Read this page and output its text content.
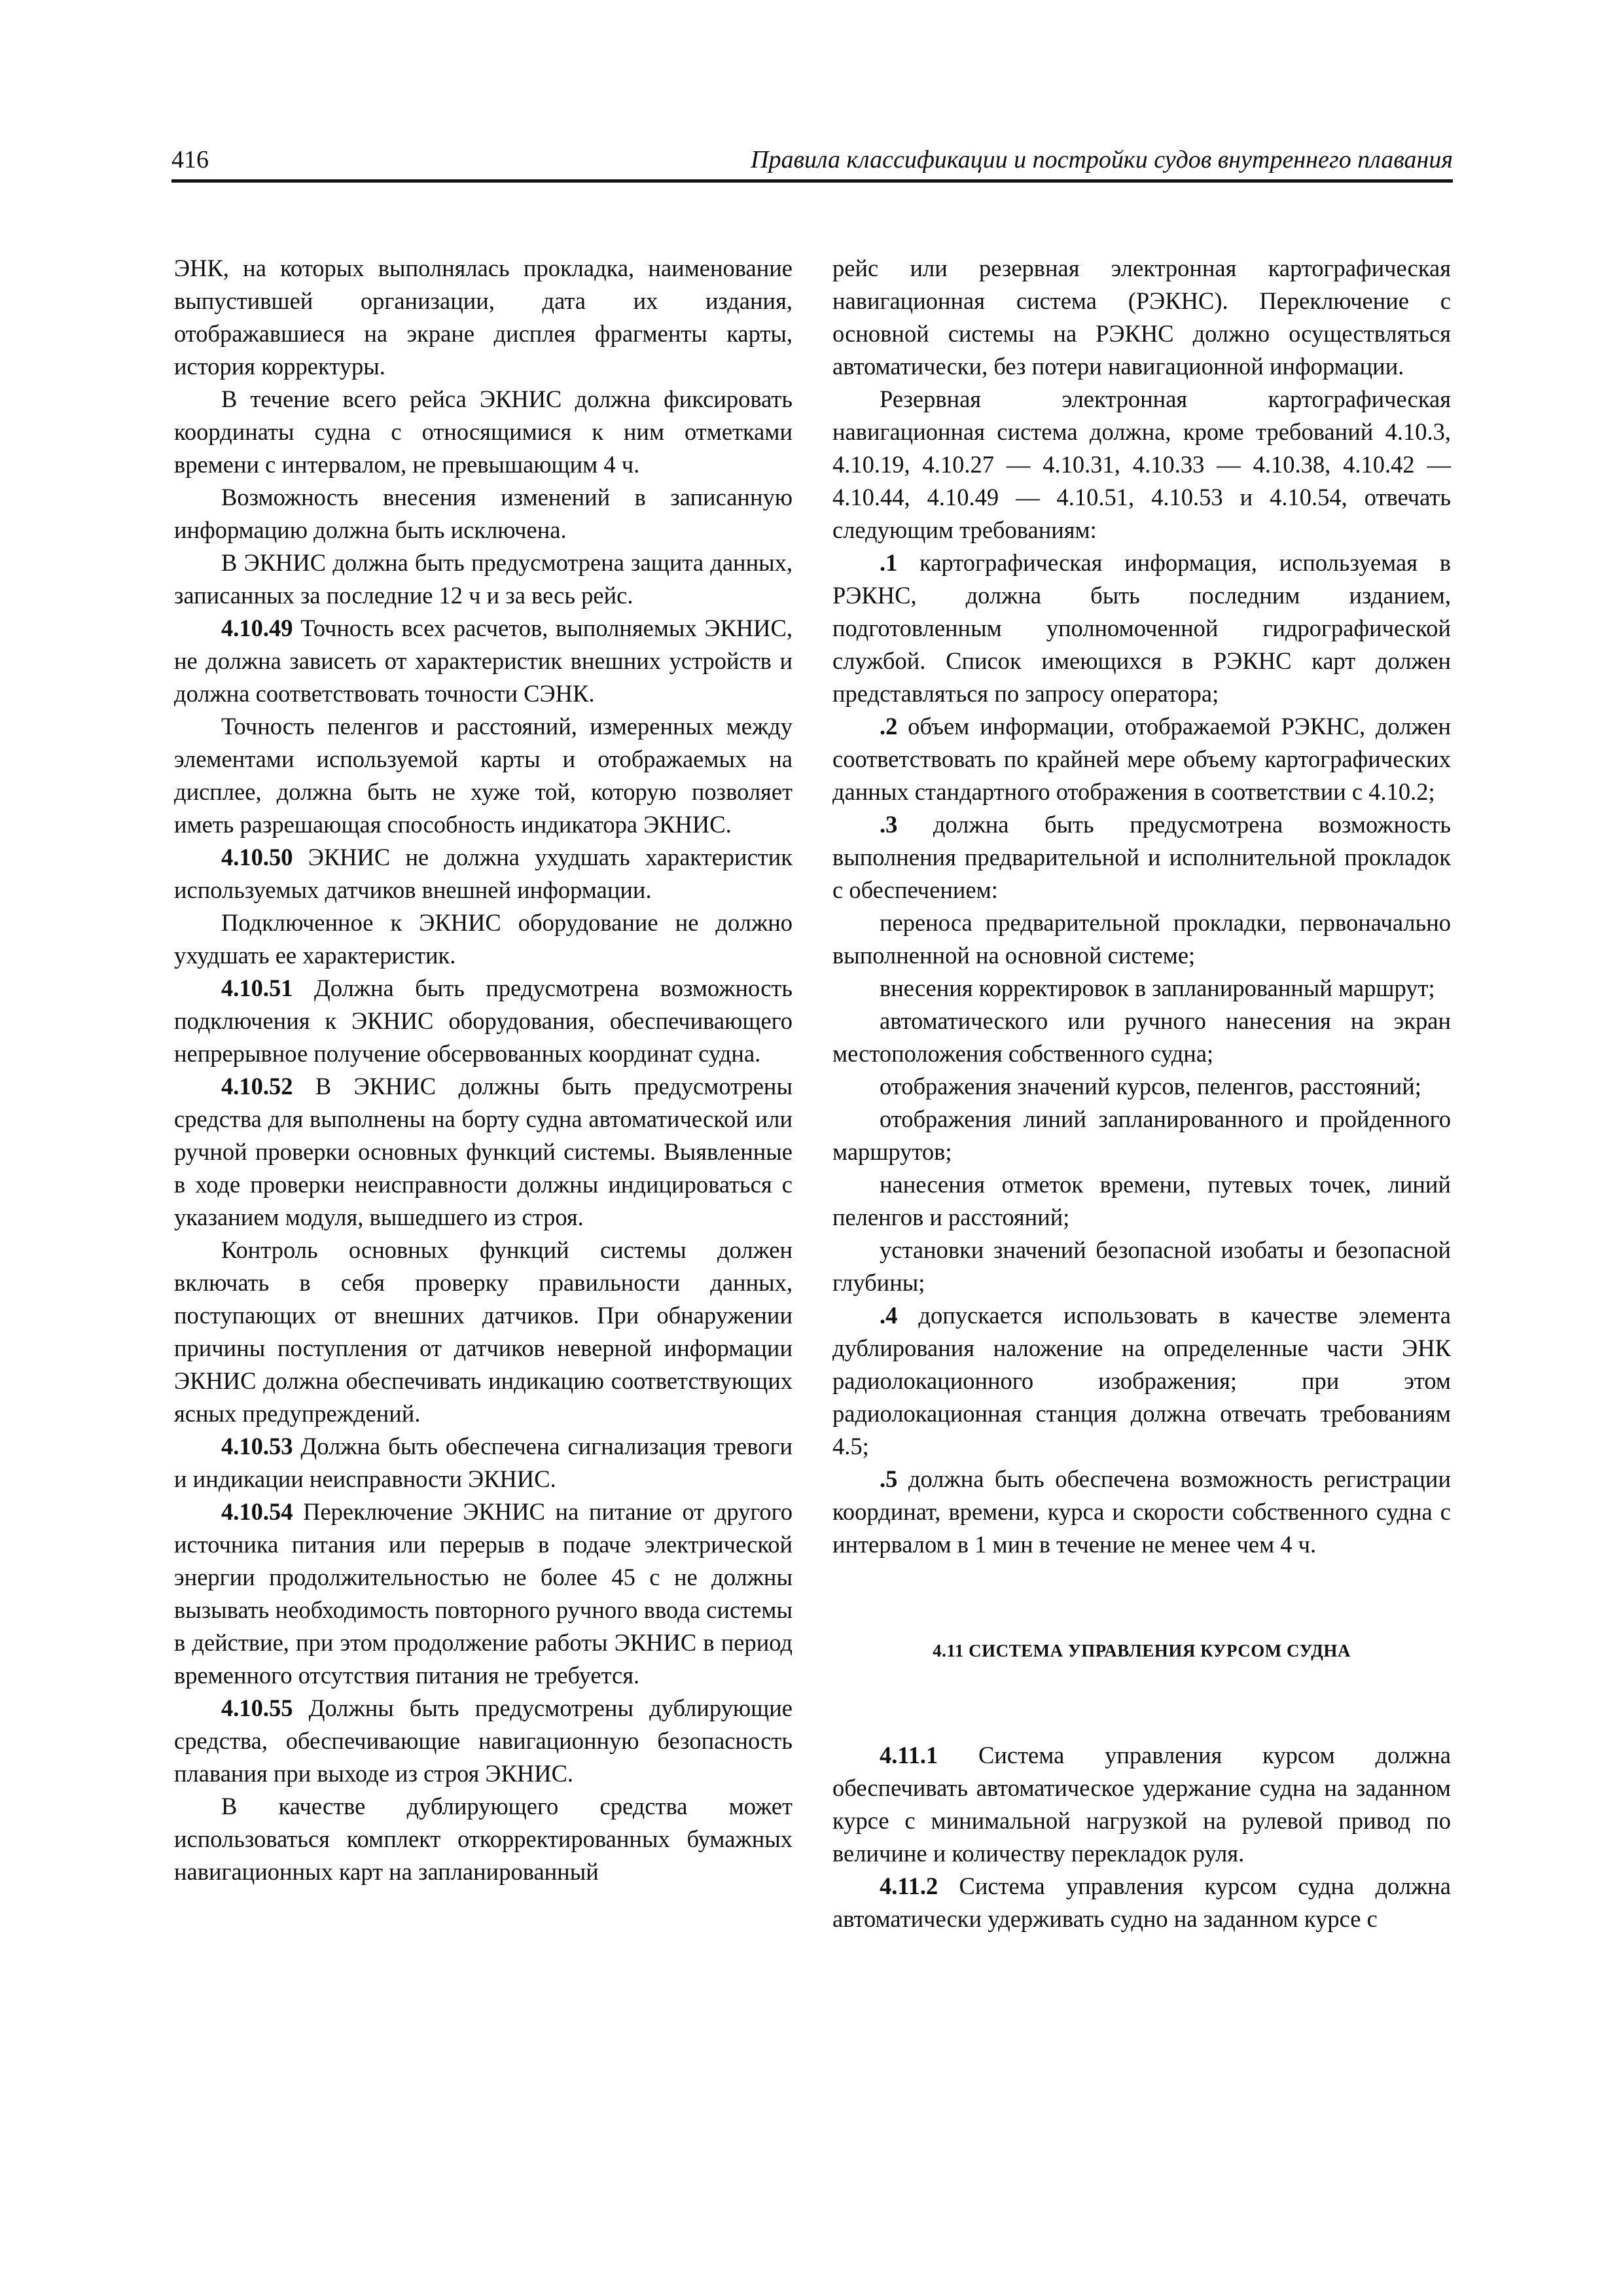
416	Правила классификации и постройки судов внутреннего плавания

ЭНК, на которых выполнялась прокладка, наименование выпустившей организации, дата их издания, отображавшиеся на экране дисплея фрагменты карты, история корректуры.

В течение всего рейса ЭКНИС должна фиксировать координаты судна с относящимися к ним отметками времени с интервалом, не превышающим 4 ч.

Возможность внесения изменений в записанную информацию должна быть исключена.

В ЭКНИС должна быть предусмотрена защита данных, записанных за последние 12 ч и за весь рейс.

4.10.49 Точность всех расчетов, выполняемых ЭКНИС, не должна зависеть от характеристик внешних устройств и должна соответствовать точности СЭНК.

Точность пеленгов и расстояний, измеренных между элементами используемой карты и отображаемых на дисплее, должна быть не хуже той, которую позволяет иметь разрешающая способность индикатора ЭКНИС.

4.10.50 ЭКНИС не должна ухудшать характеристик используемых датчиков внешней информации.

Подключенное к ЭКНИС оборудование не должно ухудшать ее характеристик.

4.10.51 Должна быть предусмотрена возможность подключения к ЭКНИС оборудования, обеспечивающего непрерывное получение обсервованных координат судна.

4.10.52 В ЭКНИС должны быть предусмотрены средства для выполнены на борту судна автоматической или ручной проверки основных функций системы. Выявленные в ходе проверки неисправности должны индицироваться с указанием модуля, вышедшего из строя.

Контроль основных функций системы должен включать в себя проверку правильности данных, поступающих от внешних датчиков. При обнаружении причины поступления от датчиков неверной информации ЭКНИС должна обеспечивать индикацию соответствующих ясных предупреждений.

4.10.53 Должна быть обеспечена сигнализация тревоги и индикации неисправности ЭКНИС.

4.10.54 Переключение ЭКНИС на питание от другого источника питания или перерыв в подаче электрической энергии продолжительностью не более 45 с не должны вызывать необходимость повторного ручного ввода системы в действие, при этом продолжение работы ЭКНИС в период временного отсутствия питания не требуется.

4.10.55 Должны быть предусмотрены дублирующие средства, обеспечивающие навигационную безопасность плавания при выходе из строя ЭКНИС.

В качестве дублирующего средства может использоваться комплект откорректированных бумажных навигационных карт на запланированный

рейс или резервная электронная картографическая навигационная система (РЭКНС). Переключение с основной системы на РЭКНС должно осуществляться автоматически, без потери навигационной информации.

Резервная электронная картографическая навигационная система должна, кроме требований 4.10.3, 4.10.19, 4.10.27 — 4.10.31, 4.10.33 — 4.10.38, 4.10.42 — 4.10.44, 4.10.49 — 4.10.51, 4.10.53 и 4.10.54, отвечать следующим требованиям:

.1 картографическая информация, используемая в РЭКНС, должна быть последним изданием, подготовленным уполномоченной гидрографической службой. Список имеющихся в РЭКНС карт должен представляться по запросу оператора;

.2 объем информации, отображаемой РЭКНС, должен соответствовать по крайней мере объему картографических данных стандартного отображения в соответствии с 4.10.2;

.3 должна быть предусмотрена возможность выполнения предварительной и исполнительной прокладок с обеспечением:

переноса предварительной прокладки, первоначально выполненной на основной системе;

внесения корректировок в запланированный маршрут;

автоматического или ручного нанесения на экран местоположения собственного судна;

отображения значений курсов, пеленгов, расстояний;

отображения линий запланированного и пройденного маршрутов;

нанесения отметок времени, путевых точек, линий пеленгов и расстояний;

установки значений безопасной изобаты и безопасной глубины;

.4 допускается использовать в качестве элемента дублирования наложение на определенные части ЭНК радиолокационного изображения; при этом радиолокационная станция должна отвечать требованиям 4.5;

.5 должна быть обеспечена возможность регистрации координат, времени, курса и скорости собственного судна с интервалом в 1 мин в течение не менее чем 4 ч.

4.11 СИСТЕМА УПРАВЛЕНИЯ КУРСОМ СУДНА

4.11.1 Система управления курсом должна обеспечивать автоматическое удержание судна на заданном курсе с минимальной нагрузкой на рулевой привод по величине и количеству перекладок руля.

4.11.2 Система управления курсом судна должна автоматически удерживать судно на заданном курсе с
